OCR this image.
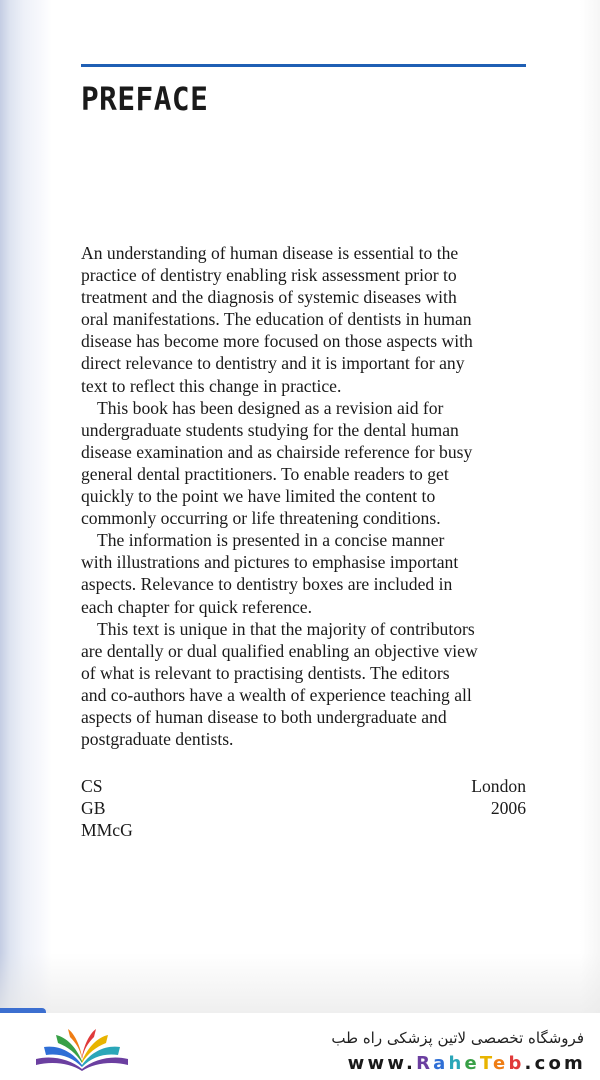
PREFACE

An understanding of human disease is essential to the
practice of dentistry enabling risk assessment prior to
treatment and the diagnosis of systemic diseases with
oral manifestations. The education of dentists in human
disease has become more focused on those aspects with
direct relevance to dentistry and it is important for any
text to reflect this change in practice.

This book has been designed as a revision aid for
undergraduate students studying for the dental human
disease examination and as chairside reference for busy
general dental practitioners. To enable readers to get
quickly to the point we have limited the content to
commonly occurring or life threatening conditions.

The information is presented in a concise manner
with illustrations and pictures to emphasise important
aspects. Relevance to dentistry boxes are included in
each chapter for quick reference.

This text is unique in that the majority of contributors
are dentally or dual qualified enabling an objective view
of what is relevant to practising dentists. The editors
and co-authors have a wealth of experience teaching all
aspects of human disease to both undergraduate and
postgraduate dentists.

CS
GB
MMcG
London
2006
فروشگاه تخصصی لاتین پزشکی راه طب
www.RaheTeb.com
